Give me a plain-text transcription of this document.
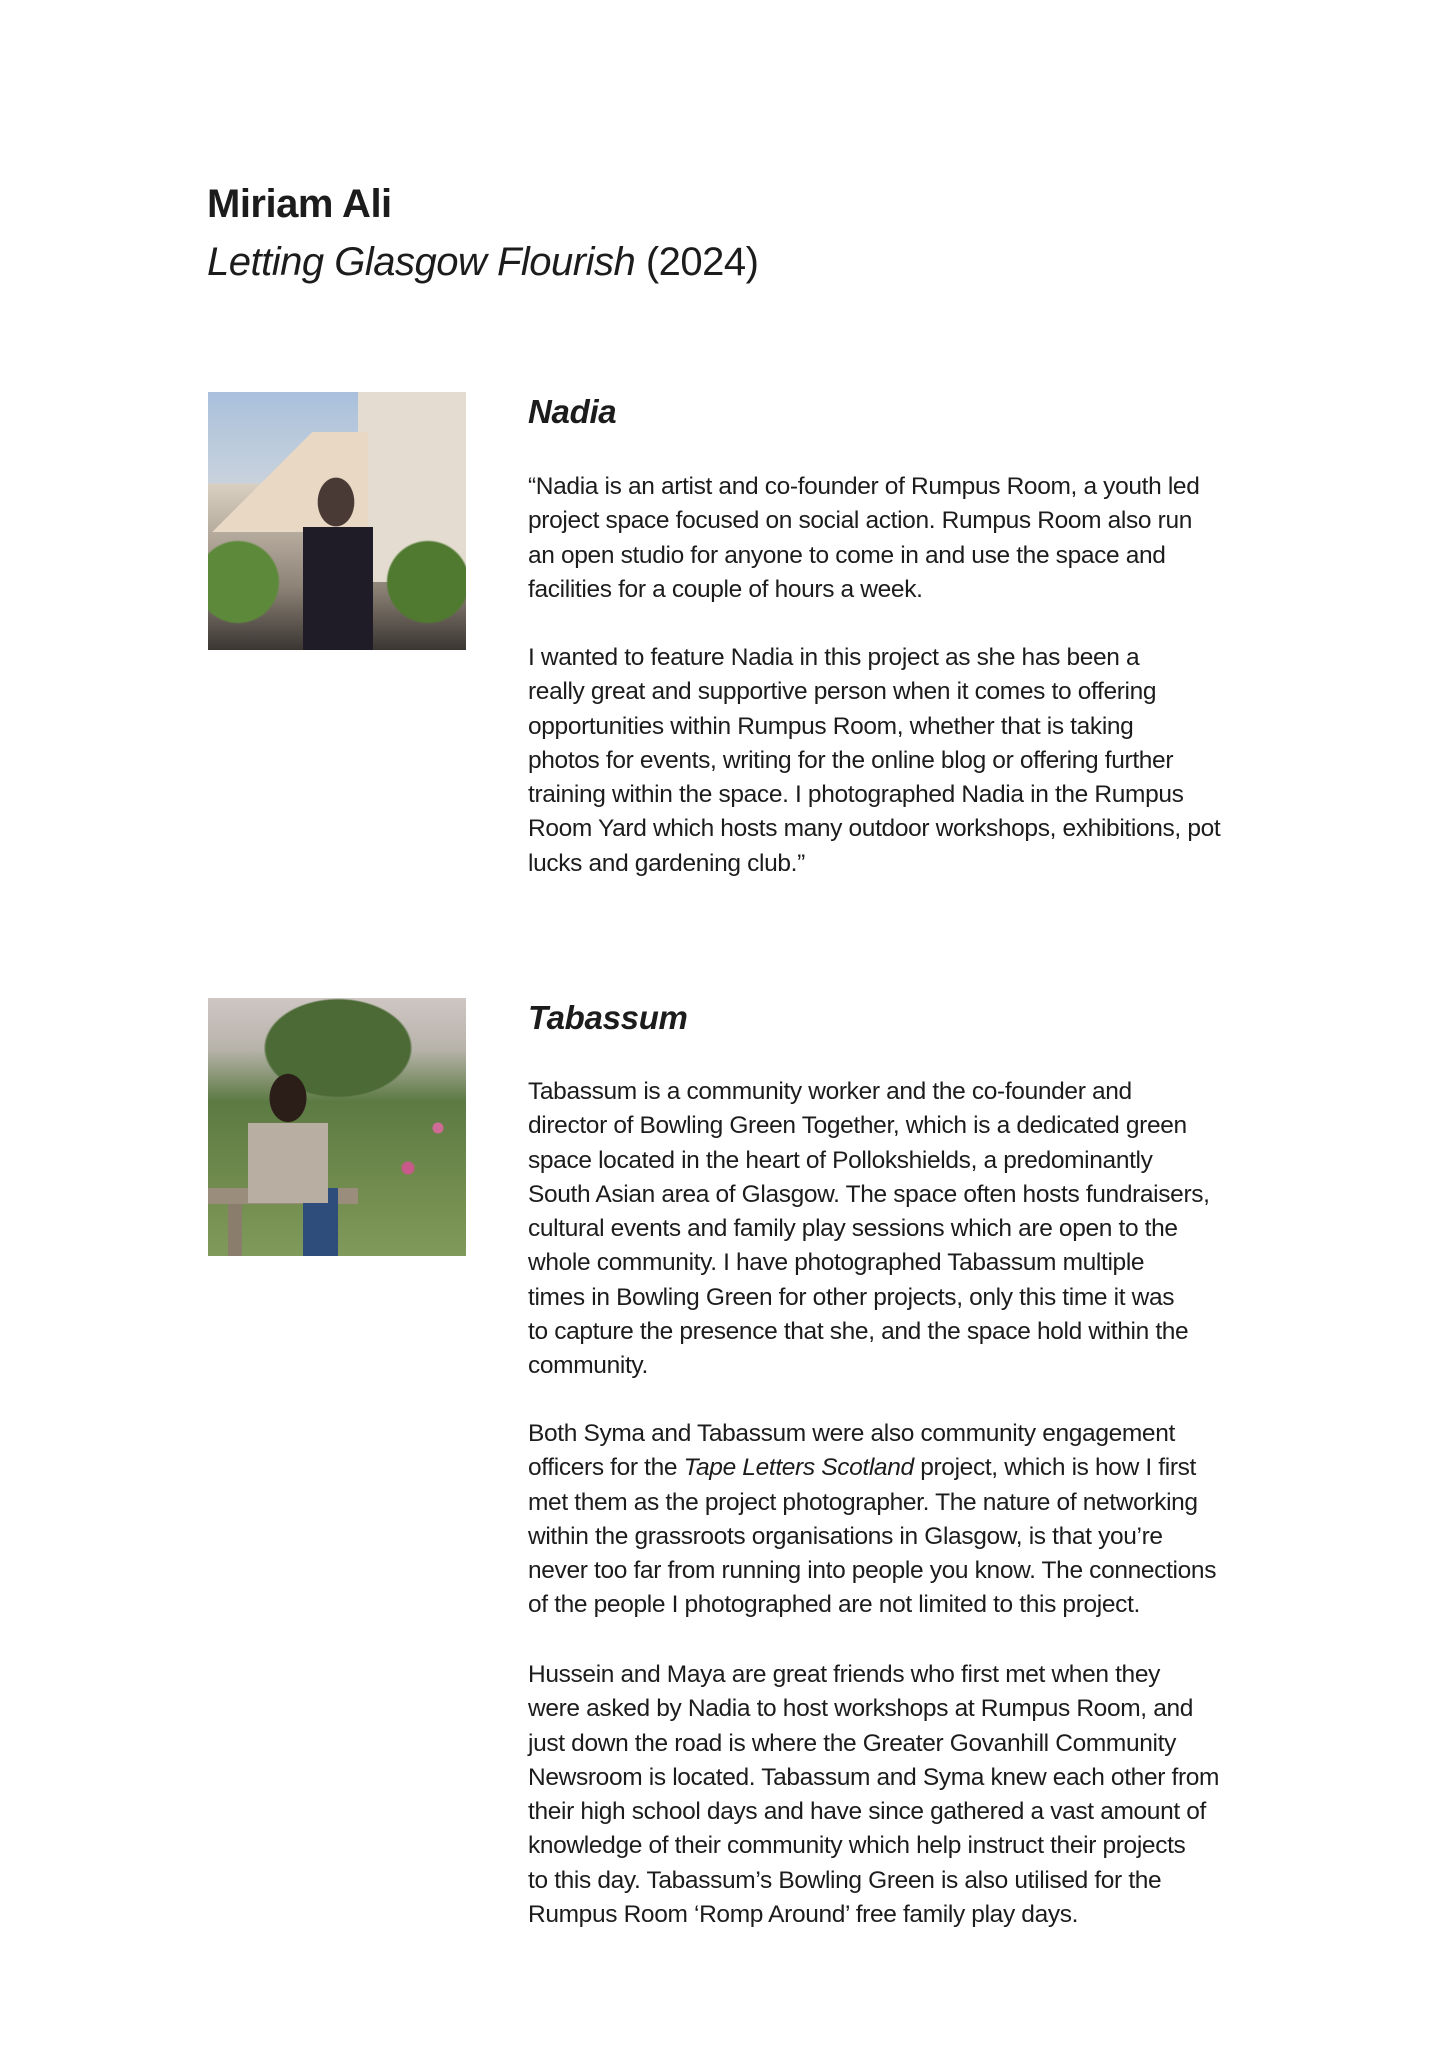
Miriam Ali
Letting Glasgow Flourish (2024)
Nadia
“Nadia is an artist and co-founder of Rumpus Room, a youth led
project space focused on social action. Rumpus Room also run
an open studio for anyone to come in and use the space and
facilities for a couple of hours a week.
I wanted to feature Nadia in this project as she has been a
really great and supportive person when it comes to offering
opportunities within Rumpus Room, whether that is taking
photos for events, writing for the online blog or offering further
training within the space. I photographed Nadia in the Rumpus
Room Yard which hosts many outdoor workshops, exhibitions, pot
lucks and gardening club.”
Tabassum
Tabassum is a community worker and the co-founder and
director of Bowling Green Together, which is a dedicated green
space located in the heart of Pollokshields, a predominantly
South Asian area of Glasgow. The space often hosts fundraisers,
cultural events and family play sessions which are open to the
whole community. I have photographed Tabassum multiple
times in Bowling Green for other projects, only this time it was
to capture the presence that she, and the space hold within the
community.
Both Syma and Tabassum were also community engagement
officers for the Tape Letters Scotland project, which is how I first
met them as the project photographer. The nature of networking
within the grassroots organisations in Glasgow, is that you’re
never too far from running into people you know. The connections
of the people I photographed are not limited to this project.
Hussein and Maya are great friends who first met when they
were asked by Nadia to host workshops at Rumpus Room, and
just down the road is where the Greater Govanhill Community
Newsroom is located. Tabassum and Syma knew each other from
their high school days and have since gathered a vast amount of
knowledge of their community which help instruct their projects
to this day. Tabassum’s Bowling Green is also utilised for the
Rumpus Room ‘Romp Around’ free family play days.
